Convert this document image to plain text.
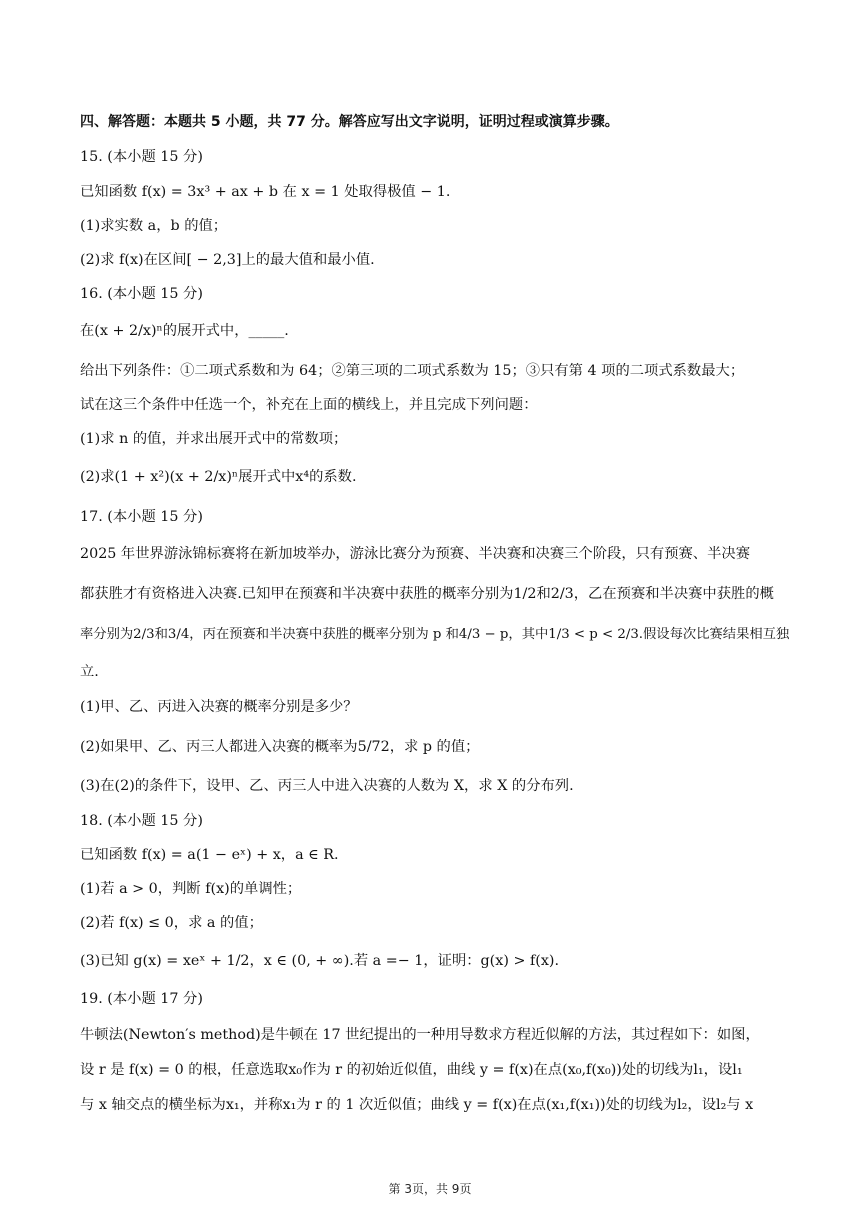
四、解答题：本题共 5 小题，共 77 分。解答应写出文字说明，证明过程或演算步骤。
15. (本小题 15 分)
已知函数 f(x) = 3x³ + ax + b 在 x = 1 处取得极值 − 1.
(1)求实数 a，b 的值；
(2)求 f(x)在区间[ − 2,3]上的最大值和最小值.
16. (本小题 15 分)
在(x + 2/x)ⁿ的展开式中，_____.
给出下列条件：①二项式系数和为 64；②第三项的二项式系数为 15；③只有第 4 项的二项式系数最大；
试在这三个条件中任选一个，补充在上面的横线上，并且完成下列问题：
(1)求 n 的值，并求出展开式中的常数项；
(2)求(1 + x²)(x + 2/x)ⁿ展开式中x⁴的系数.
17. (本小题 15 分)
2025 年世界游泳锦标赛将在新加坡举办，游泳比赛分为预赛、半决赛和决赛三个阶段，只有预赛、半决赛
都获胜才有资格进入决赛.已知甲在预赛和半决赛中获胜的概率分别为1/2和2/3，乙在预赛和半决赛中获胜的概
率分别为2/3和3/4，丙在预赛和半决赛中获胜的概率分别为 p 和4/3 − p，其中1/3 < p < 2/3.假设每次比赛结果相互独
立.
(1)甲、乙、丙进入决赛的概率分别是多少？
(2)如果甲、乙、丙三人都进入决赛的概率为5/72，求 p 的值；
(3)在(2)的条件下，设甲、乙、丙三人中进入决赛的人数为 X，求 X 的分布列.
18. (本小题 15 分)
已知函数 f(x) = a(1 − eˣ) + x，a ∈ R.
(1)若 a > 0，判断 f(x)的单调性；
(2)若 f(x) ≤ 0，求 a 的值；
(3)已知 g(x) = xeˣ + 1/2，x ∈ (0, + ∞).若 a =− 1，证明：g(x) > f(x).
19. (本小题 17 分)
牛顿法(Newton′s method)是牛顿在 17 世纪提出的一种用导数求方程近似解的方法，其过程如下：如图，
设 r 是 f(x) = 0 的根，任意选取x₀作为 r 的初始近似值，曲线 y = f(x)在点(x₀,f(x₀))处的切线为l₁，设l₁
与 x 轴交点的横坐标为x₁，并称x₁为 r 的 1 次近似值；曲线 y = f(x)在点(x₁,f(x₁))处的切线为l₂，设l₂与 x
第 3页，共 9页
